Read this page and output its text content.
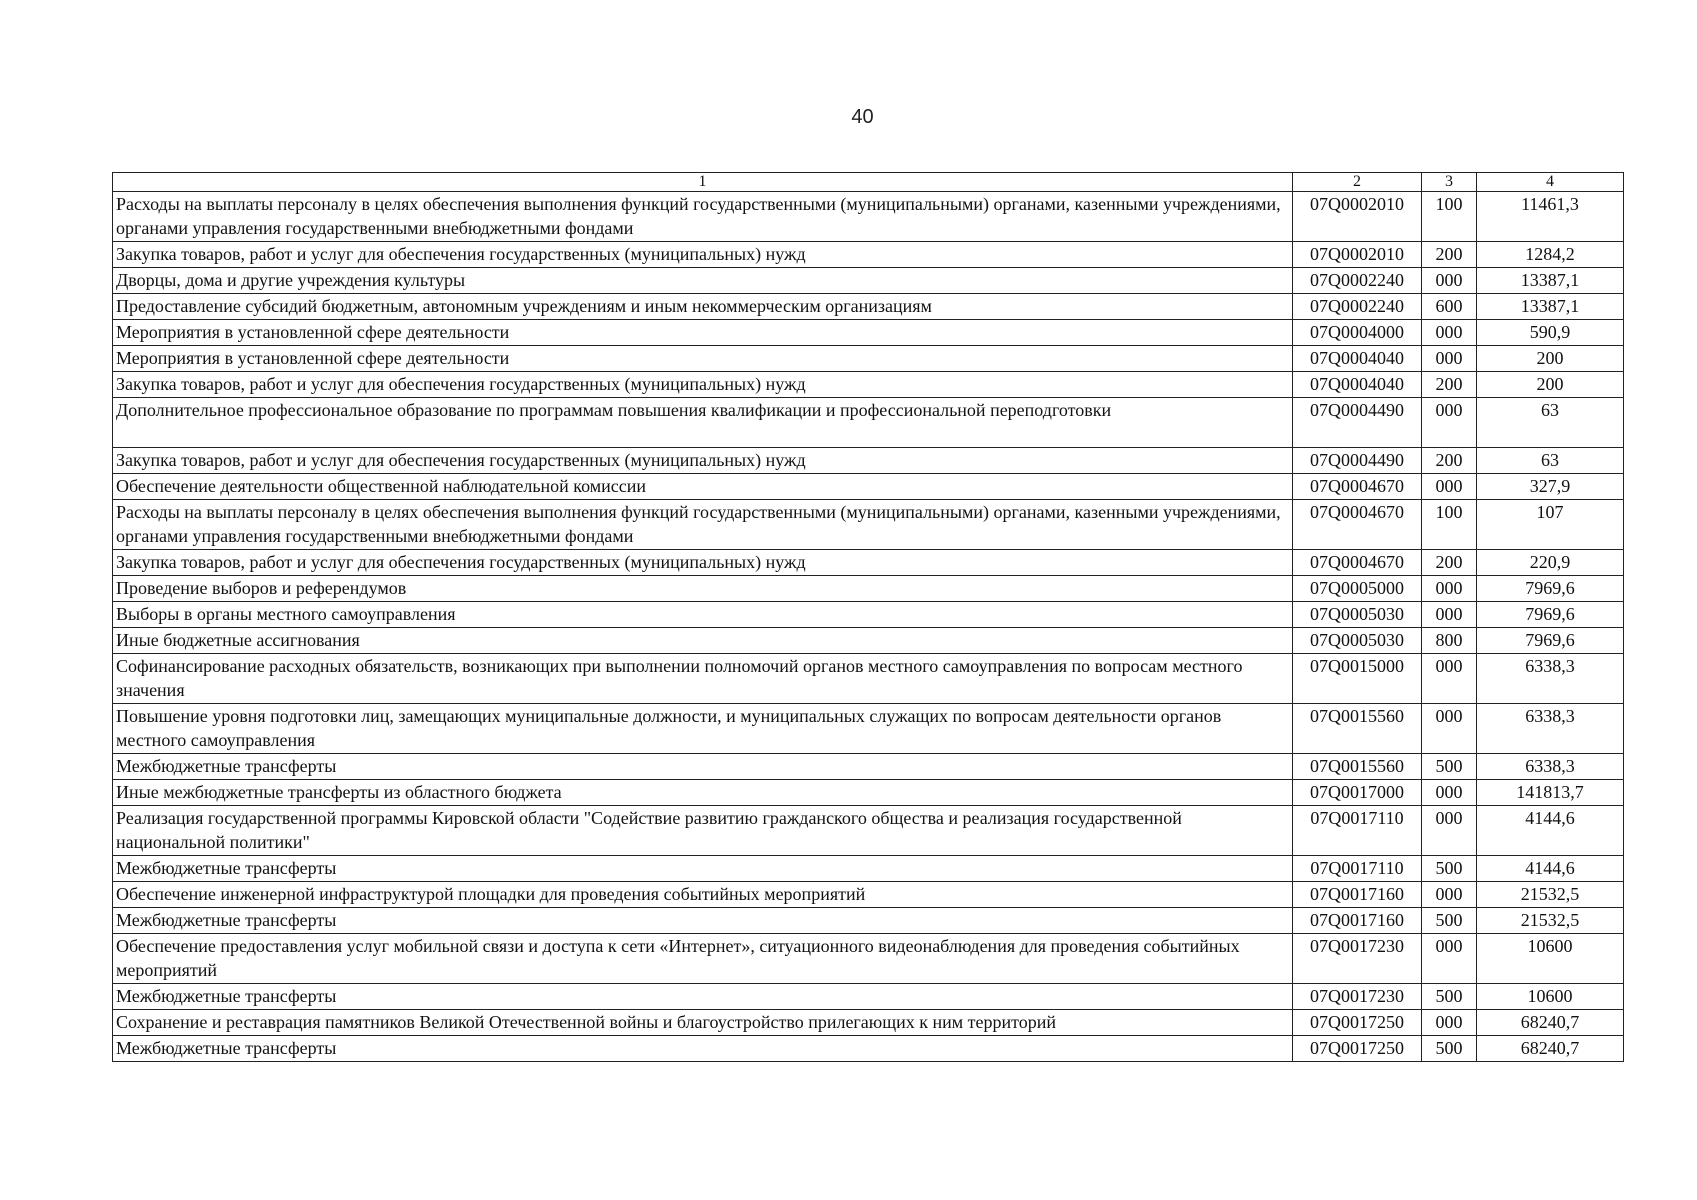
40
1	2	3	4
Расходы на выплаты персоналу в целях обеспечения выполнения функций государственными (муниципальными) органами, казенными учреждениями, органами управления государственными внебюджетными фондами	07Q0002010	100	11461,3
Закупка товаров, работ и услуг для обеспечения государственных (муниципальных) нужд	07Q0002010	200	1284,2
Дворцы, дома и другие учреждения культуры	07Q0002240	000	13387,1
Предоставление субсидий бюджетным, автономным учреждениям и иным некоммерческим организациям	07Q0002240	600	13387,1
Мероприятия в установленной сфере деятельности	07Q0004000	000	590,9
Мероприятия в установленной сфере деятельности	07Q0004040	000	200
Закупка товаров, работ и услуг для обеспечения государственных (муниципальных) нужд	07Q0004040	200	200
Дополнительное профессиональное образование по программам повышения квалификации и профессиональной переподготовки	07Q0004490	000	63
Закупка товаров, работ и услуг для обеспечения государственных (муниципальных) нужд	07Q0004490	200	63
Обеспечение деятельности общественной наблюдательной комиссии	07Q0004670	000	327,9
Расходы на выплаты персоналу в целях обеспечения выполнения функций государственными (муниципальными) органами, казенными учреждениями, органами управления государственными внебюджетными фондами	07Q0004670	100	107
Закупка товаров, работ и услуг для обеспечения государственных (муниципальных) нужд	07Q0004670	200	220,9
Проведение выборов и референдумов	07Q0005000	000	7969,6
Выборы в органы местного самоуправления	07Q0005030	000	7969,6
Иные бюджетные ассигнования	07Q0005030	800	7969,6
Софинансирование расходных обязательств, возникающих при выполнении полномочий органов местного самоуправления по вопросам местного значения	07Q0015000	000	6338,3
Повышение уровня подготовки лиц, замещающих муниципальные должности, и муниципальных служащих по вопросам деятельности органов местного самоуправления	07Q0015560	000	6338,3
Межбюджетные трансферты	07Q0015560	500	6338,3
Иные межбюджетные трансферты из областного бюджета	07Q0017000	000	141813,7
Реализация государственной программы Кировской области "Содействие развитию гражданского общества и реализация государственной национальной политики"	07Q0017110	000	4144,6
Межбюджетные трансферты	07Q0017110	500	4144,6
Обеспечение инженерной инфраструктурой площадки для проведения событийных мероприятий	07Q0017160	000	21532,5
Межбюджетные трансферты	07Q0017160	500	21532,5
Обеспечение предоставления услуг мобильной связи и доступа к сети «Интернет», ситуационного видеонаблюдения для проведения событийных мероприятий	07Q0017230	000	10600
Межбюджетные трансферты	07Q0017230	500	10600
Сохранение и реставрация памятников Великой Отечественной войны и благоустройство прилегающих к ним территорий	07Q0017250	000	68240,7
Межбюджетные трансферты	07Q0017250	500	68240,7
